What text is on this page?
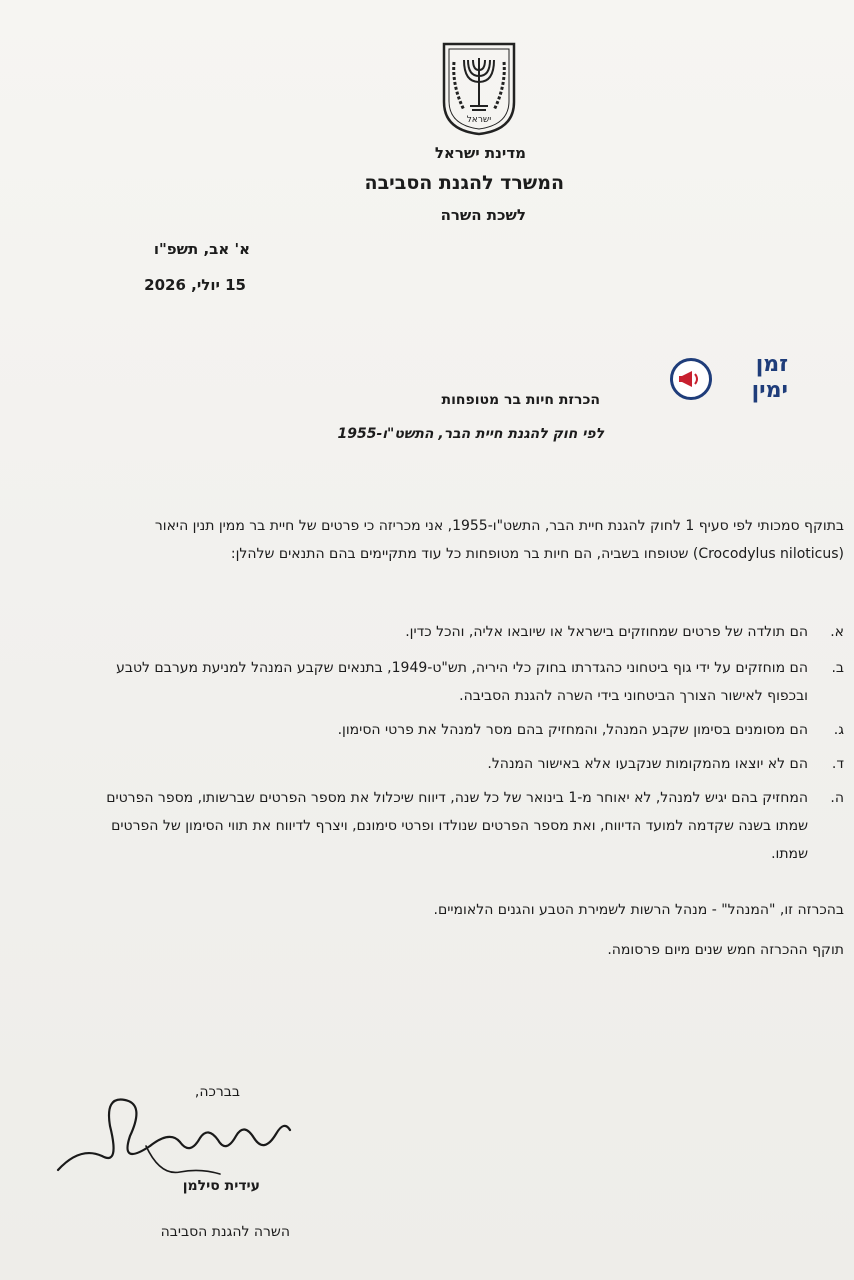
ישראל
מדינת ישראל
המשרד להגנת הסביבה
לשכת השרה
א' אב, תשפ"ו
15 יולי, 2026
זמן
ימין
הכרזת חיות בר מטופחות
לפי חוק להגנת חיית הבר, התשט"ו-1955
בתוקף סמכותי לפי סעיף 1 לחוק להגנת חיית הבר, התשט"ו-1955, אני מכריזה כי פרטים של חיית בר ממין תנין היאור (Crocodylus niloticus) שטופחו בשביה, הם חיות בר מטופחות כל עוד מתקיימים בהם התנאים שלהלן:
א.
הם תולדה של פרטים שמחוזקים בישראל או שיובאו אליה, והכל כדין.
ב.
הם מוחזקים על ידי גוף ביטחוני כהגדרתו בחוק כלי היריה, תש"ט-1949, בתנאים שקבע המנהל למניעת מערבם לטבע ובכפוף לאישור הצורך הביטחוני בידי השרה להגנת הסביבה.
ג.
הם מסומנים בסימון שקבע המנהל, והמחזיק בהם מסר למנהל את פרטי הסימון.
ד.
הם לא יוצאו מהמקומות שנקבעו אלא באישור המנהל.
ה.
המחזיק בהם יגיש למנהל, לא יאוחר מ-1 בינואר של כל שנה, דיווח שיכלול את מספר הפרטים שברשותו, מספר הפרטים שמתו בשנה שקדמה למועד הדיווח, ואת מספר הפרטים שנולדו ופרטי סימונם, ויצרף לדיווח את תווי הסימון של הפרטים שמתו.
בהכרזה זו, "המנהל" - מנהל הרשות לשמירת הטבע והגנים הלאומיים.
תוקף ההכרזה חמש שנים מיום פרסומה.
בברכה,
עידית סילמן
השרה להגנת הסביבה
